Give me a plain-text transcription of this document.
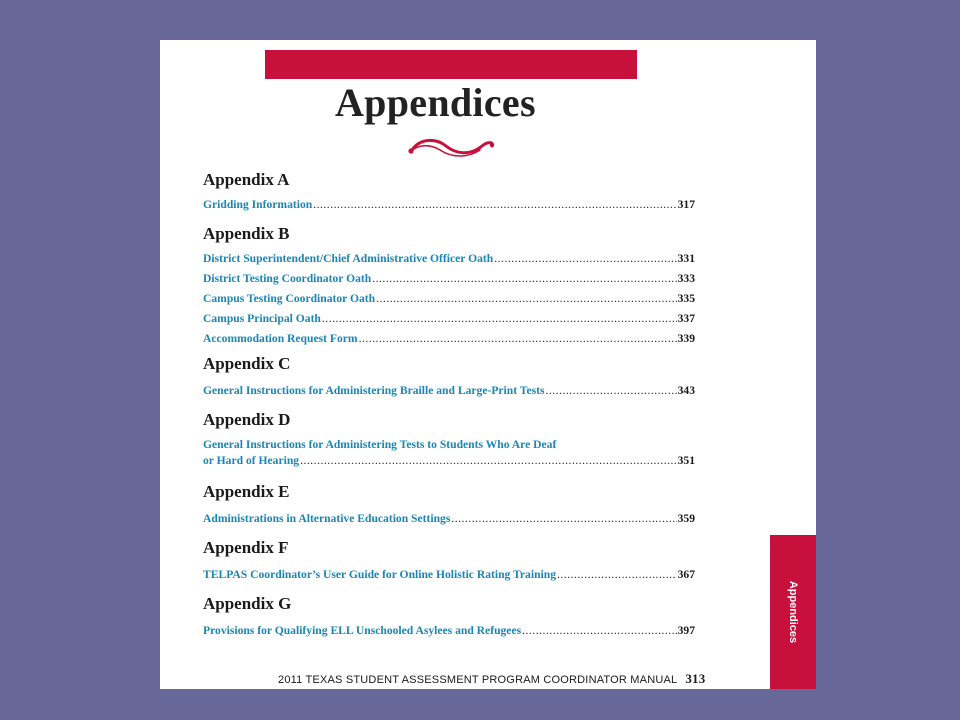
Appendices
Appendix A
Gridding Information .....	317
Appendix B
District Superintendent/Chief Administrative Officer Oath .....	331
District Testing Coordinator Oath .....	333
Campus Testing Coordinator Oath .....	335
Campus Principal Oath .....	337
Accommodation Request Form .....	339
Appendix C
General Instructions for Administering Braille and Large-Print Tests .....	343
Appendix D
General Instructions for Administering Tests to Students Who Are Deaf
or Hard of Hearing .....	351
Appendix E
Administrations in Alternative Education Settings .....	359
Appendix F
TELPAS Coordinator’s User Guide for Online Holistic Rating Training .....	367
Appendix G
Provisions for Qualifying ELL Unschooled Asylees and Refugees .....	397
2011 TEXAS STUDENT ASSESSMENT PROGRAM COORDINATOR MANUAL 313
Appendices
